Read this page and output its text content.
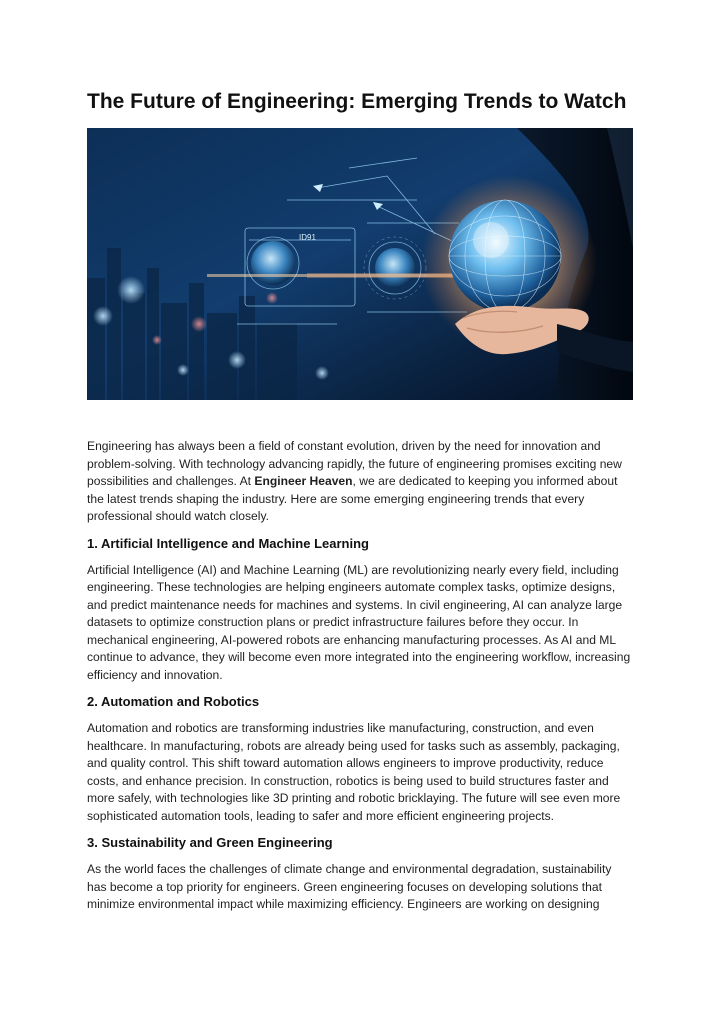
The Future of Engineering: Emerging Trends to Watch
ID91

Engineering has always been a field of constant evolution, driven by the need for innovation and problem-solving. With technology advancing rapidly, the future of engineering promises exciting new possibilities and challenges. At Engineer Heaven, we are dedicated to keeping you informed about the latest trends shaping the industry. Here are some emerging engineering trends that every professional should watch closely.

1. Artificial Intelligence and Machine Learning

Artificial Intelligence (AI) and Machine Learning (ML) are revolutionizing nearly every field, including engineering. These technologies are helping engineers automate complex tasks, optimize designs, and predict maintenance needs for machines and systems. In civil engineering, AI can analyze large datasets to optimize construction plans or predict infrastructure failures before they occur. In mechanical engineering, AI-powered robots are enhancing manufacturing processes. As AI and ML continue to advance, they will become even more integrated into the engineering workflow, increasing efficiency and innovation.

2. Automation and Robotics

Automation and robotics are transforming industries like manufacturing, construction, and even healthcare. In manufacturing, robots are already being used for tasks such as assembly, packaging, and quality control. This shift toward automation allows engineers to improve productivity, reduce costs, and enhance precision. In construction, robotics is being used to build structures faster and more safely, with technologies like 3D printing and robotic bricklaying. The future will see even more sophisticated automation tools, leading to safer and more efficient engineering projects.

3. Sustainability and Green Engineering

As the world faces the challenges of climate change and environmental degradation, sustainability has become a top priority for engineers. Green engineering focuses on developing solutions that minimize environmental impact while maximizing efficiency. Engineers are working on designing
